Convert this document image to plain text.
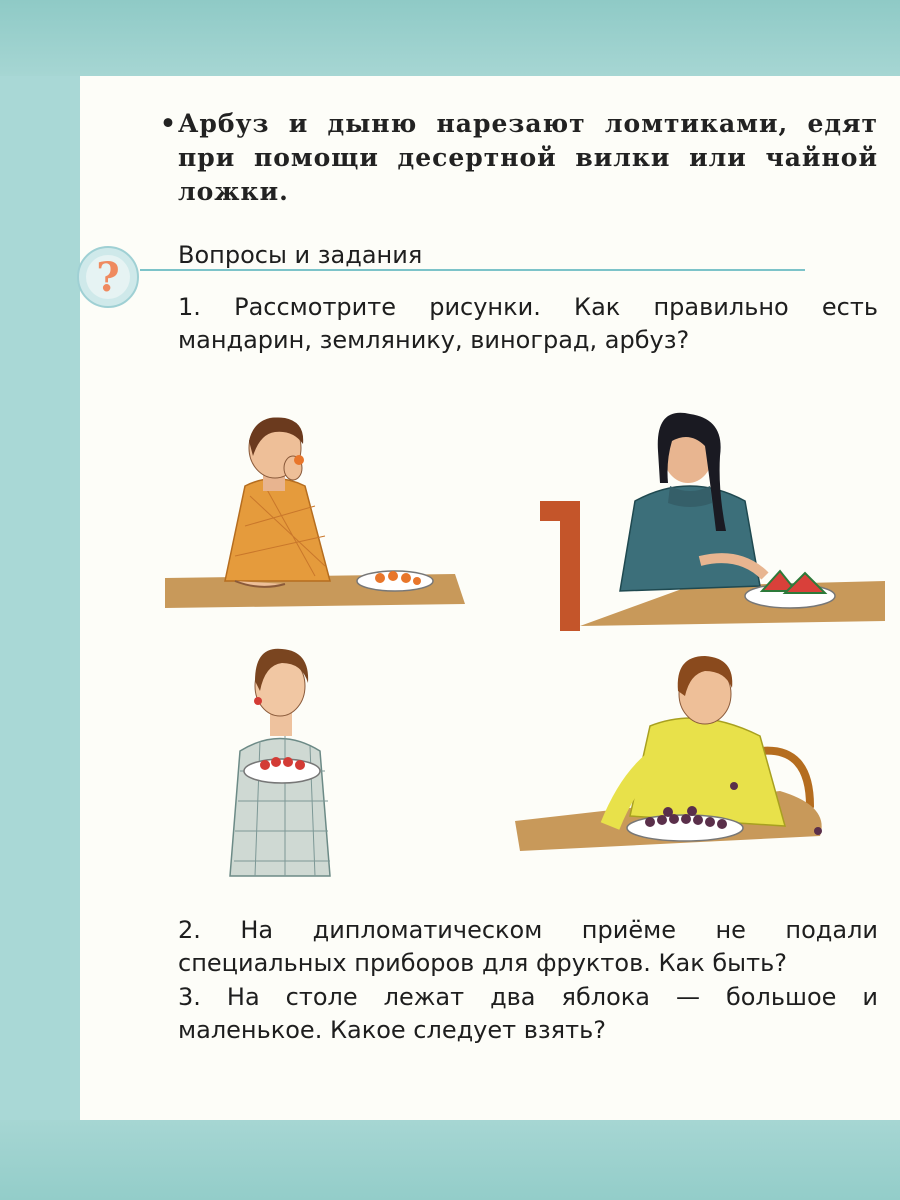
• Арбуз и дыню нарезают ломтиками, едят при помощи десертной вилки или чайной ложки.
? Вопросы и задания
1. Рассмотрите рисунки. Как правильно есть мандарин, землянику, виноград, арбуз?
2. На дипломатическом приёме не подали специальных приборов для фруктов. Как быть?
3. На столе лежат два яблока — большое и маленькое. Какое следует взять?
